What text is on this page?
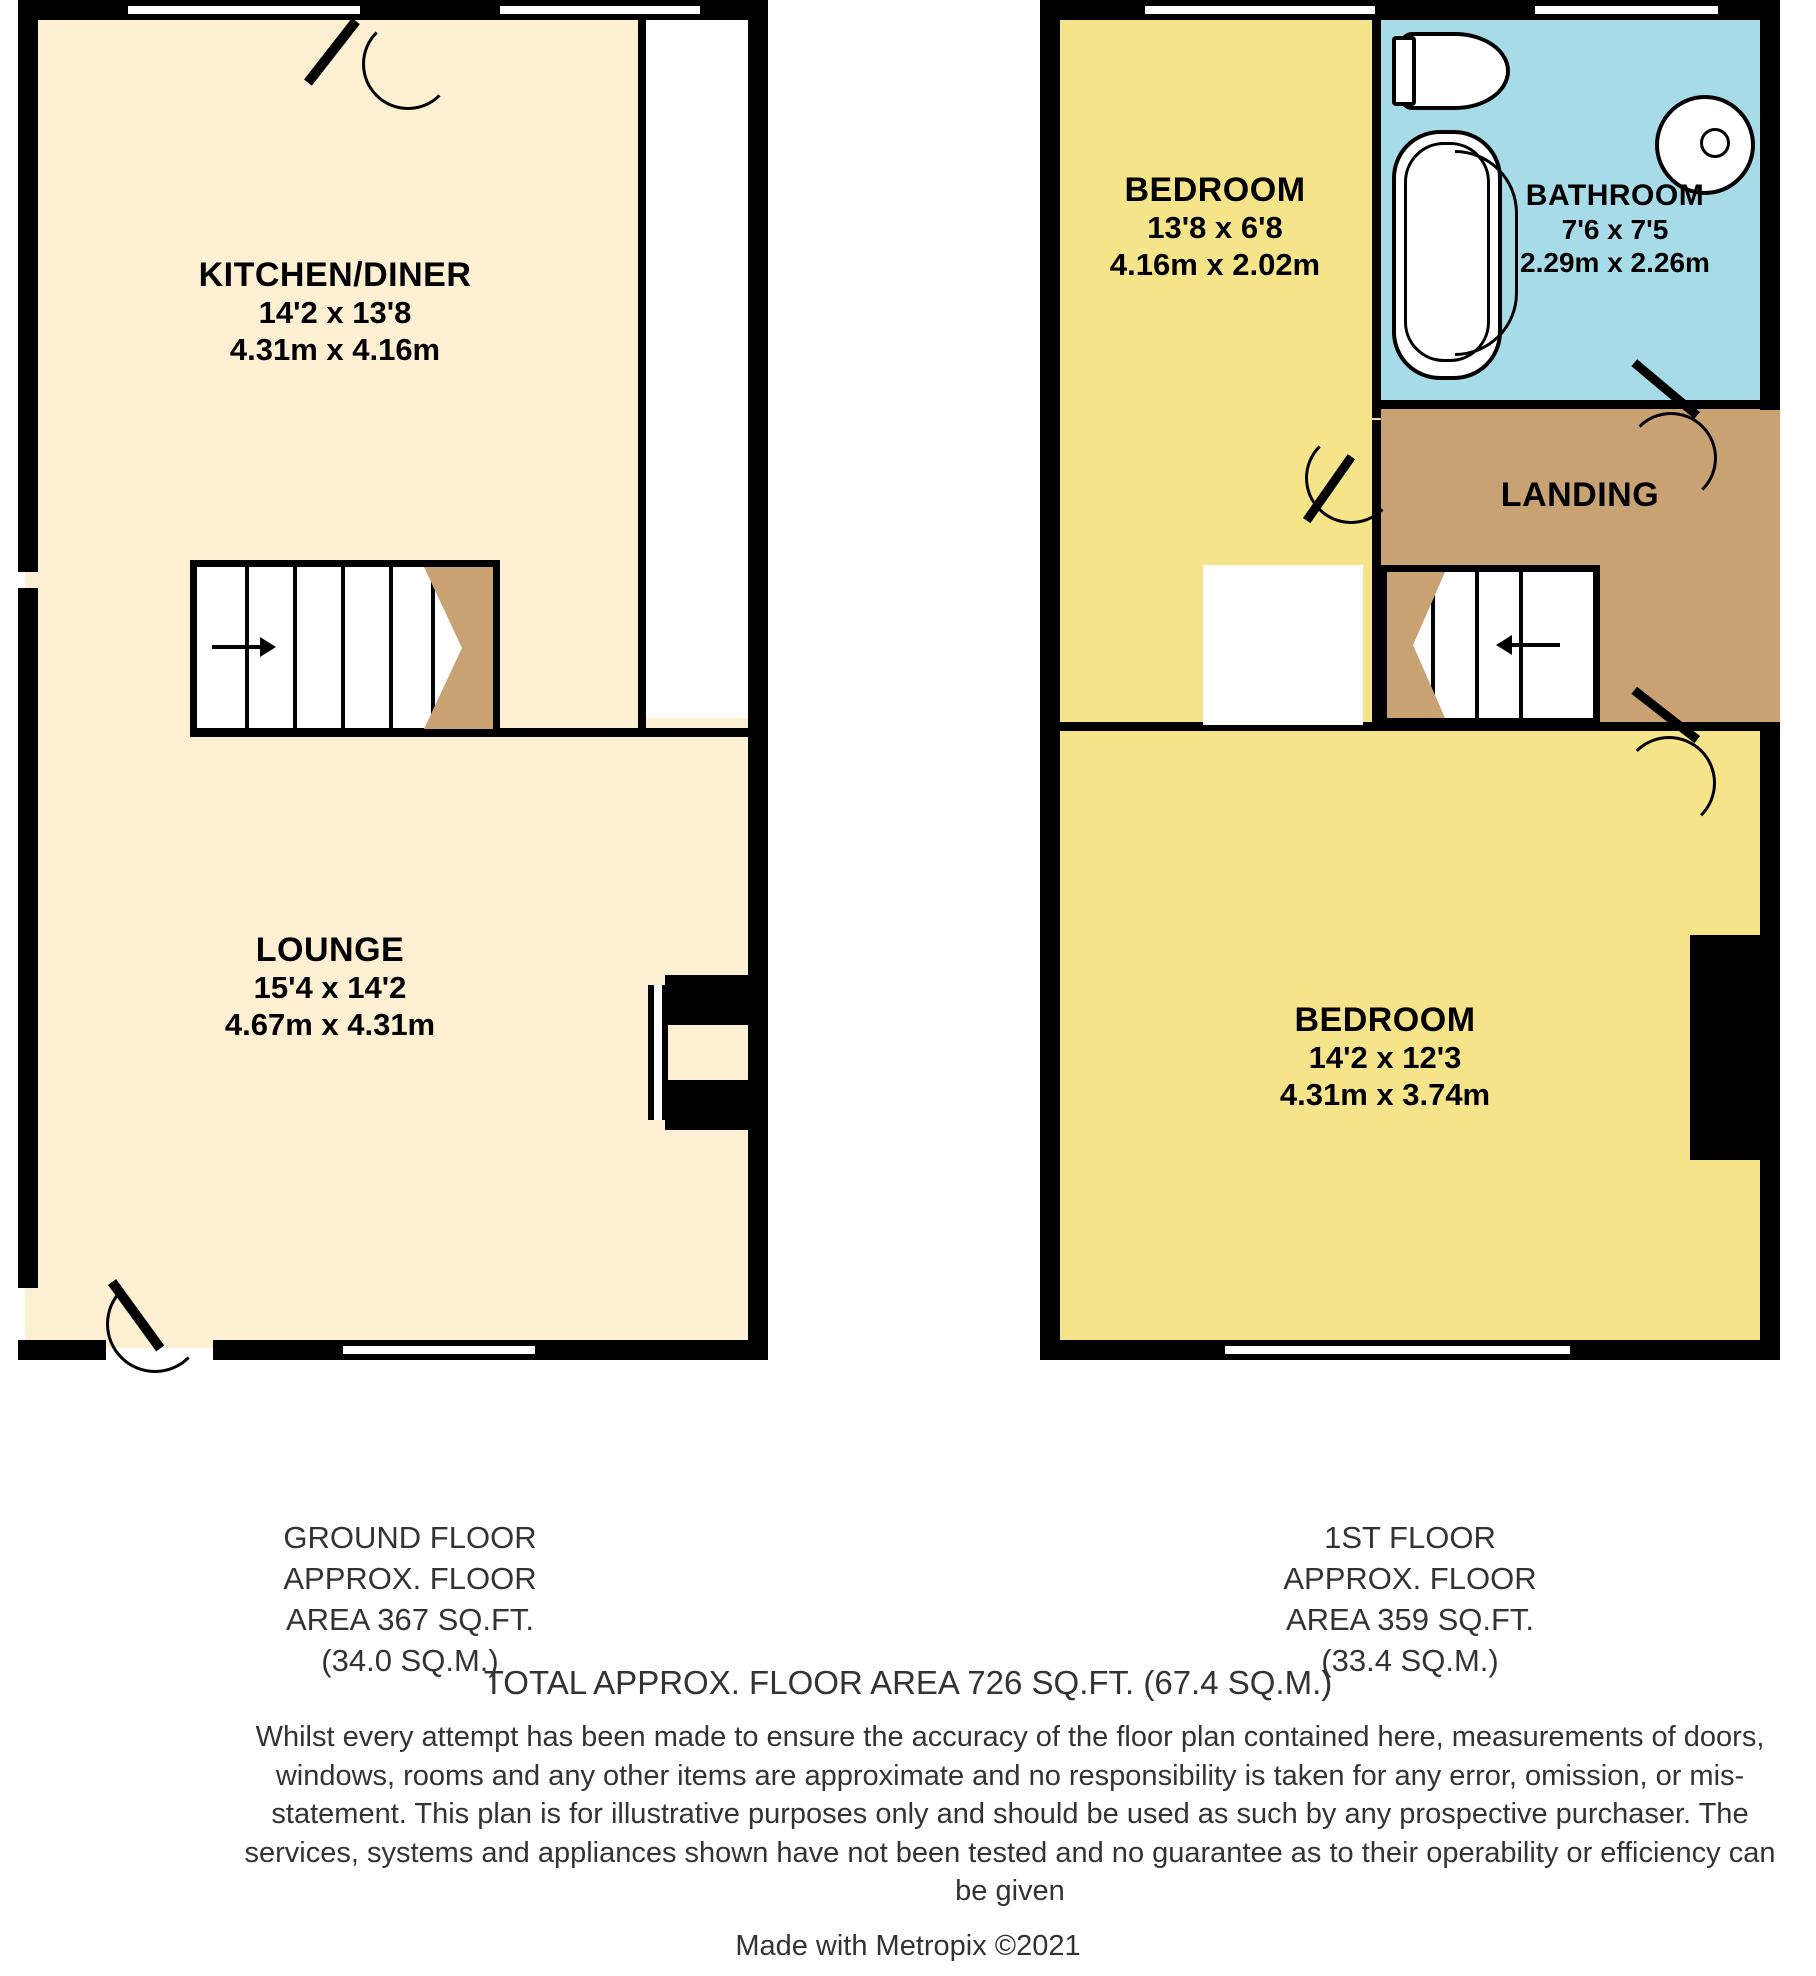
KITCHEN/DINER
14'2 x 13'8
4.31m x 4.16m
LOUNGE
15'4 x 14'2
4.67m x 4.31m
BEDROOM
13'8 x 6'8
4.16m x 2.02m
BATHROOM
7'6 x 7'5
2.29m x 2.26m
LANDING
BEDROOM
14'2 x 12'3
4.31m x 3.74m
GROUND FLOOR
APPROX. FLOOR
AREA 367 SQ.FT.
(34.0 SQ.M.)
1ST FLOOR
APPROX. FLOOR
AREA 359 SQ.FT.
(33.4 SQ.M.)
TOTAL APPROX. FLOOR AREA 726 SQ.FT. (67.4 SQ.M.)
Whilst every attempt has been made to ensure the accuracy of the floor plan contained here, measurements of doors, windows, rooms and any other items are approximate and no responsibility is taken for any error, omission, or mis-statement. This plan is for illustrative purposes only and should be used as such by any prospective purchaser. The services, systems and appliances shown have not been tested and no guarantee as to their operability or efficiency can be given
Made with Metropix ©2021
